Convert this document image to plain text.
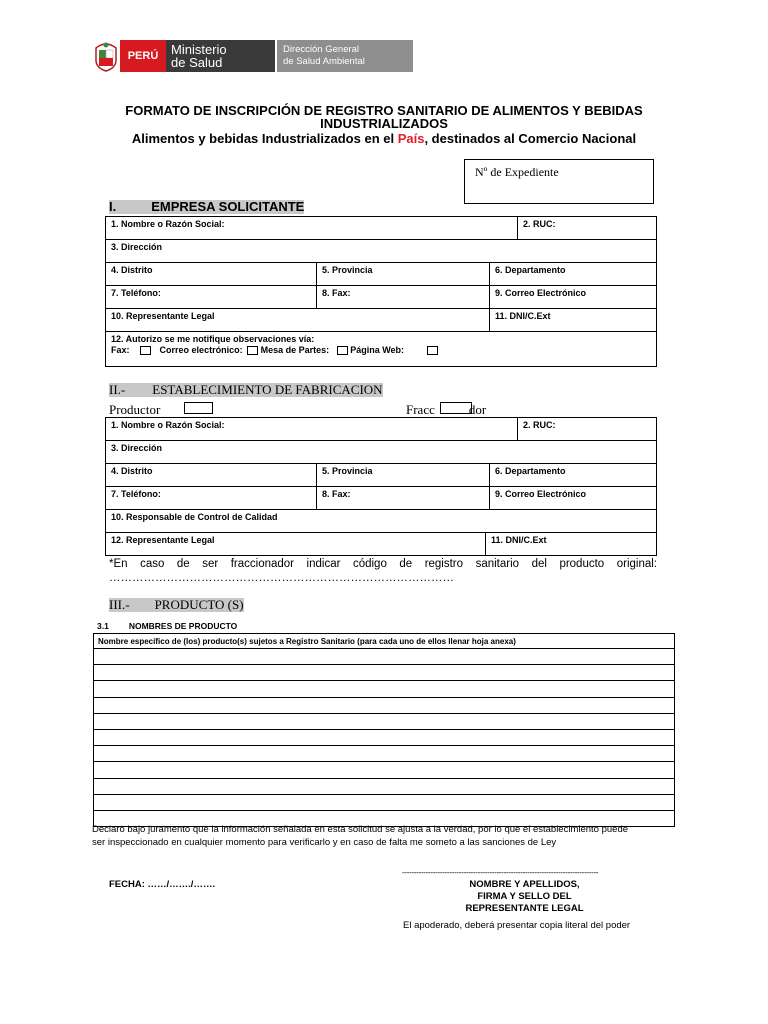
PERÚ Ministerio
de Salud
Dirección General
de Salud Ambiental
FORMATO DE INSCRIPCIÓN DE REGISTRO SANITARIO DE ALIMENTOS Y BEBIDAS
INDUSTRIALIZADOS
Alimentos y bebidas Industrializados en el País, destinados al Comercio Nacional
Nº de Expediente
I.	EMPRESA SOLICITANTE
1. Nombre o Razón Social:			2. RUC:
3. Dirección			
4. Distrito	5. Provincia	6. Departamento	
7. Teléfono:	8. Fax:	9. Correo Electrónico	
10. Representante Legal		11. DNI/C.Ext	

12. Autorizo se me notifique observaciones vía:
Fax: Correo electrónico: Mesa de Partes: Página Web:			
II.- ESTABLECIMIENTO DE FABRICACION
Productor	Fracc	dor
1. Nombre o Razón Social:				2. RUC:
3. Dirección				
4. Distrito	5. Provincia		6. Departamento	
7. Teléfono:	8. Fax:		9. Correo Electrónico	
10. Responsable de Control de Calidad				
12. Representante Legal		11. DNI/C.Ext		
*En caso de ser fraccionador indicar código de registro sanitario del producto original:
………………………………………………………………………………
III.- PRODUCTO (S)
3.1 NOMBRES DE PRODUCTO
Nombre específico de (los) producto(s) sujetos a Registro Sanitario (para cada uno de ellos llenar hoja anexa)

Declaro bajo juramento que la información señalada en esta solicitud se ajusta a la verdad, por lo que el establecimiento puede
ser inspeccionado en cualquier momento para verificarlo y en caso de falta me someto a las sanciones de Ley
FECHA: ……/……./…….
-----------------------------------------------------------------------------------
NOMBRE Y APELLIDOS,
FIRMA Y SELLO DEL
REPRESENTANTE LEGAL
El apoderado, deberá presentar copia literal del poder
